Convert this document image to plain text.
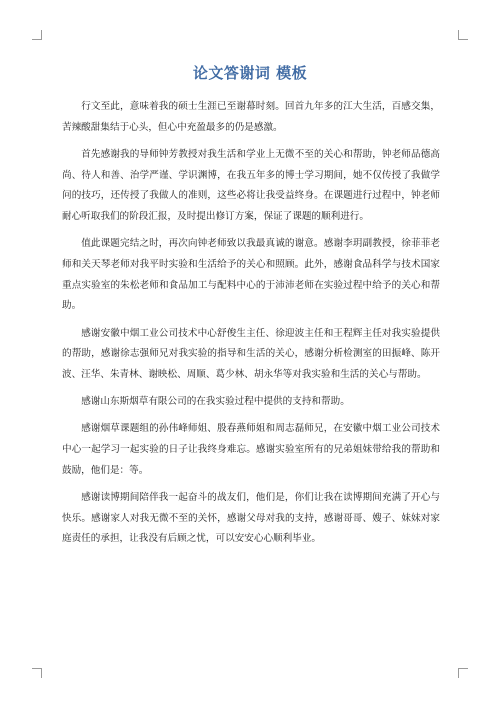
论文答谢词 模板

行文至此，意味着我的硕士生涯已至谢幕时刻。回首九年多的江大生活，百感交集，苦辣酸甜集结于心头，但心中充盈最多的仍是感激。

首先感谢我的导师钟芳教授对我生活和学业上无微不至的关心和帮助，钟老师品德高尚、待人和善、治学严谨、学识渊博，在我五年多的博士学习期间，她不仅传授了我做学问的技巧，还传授了我做人的准则，这些必将让我受益终身。在课题进行过程中，钟老师耐心听取我们的阶段汇报，及时提出修订方案，保证了课题的顺利进行。

值此课题完结之时，再次向钟老师致以我最真诚的谢意。感谢李玥副教授，徐菲菲老师和关天琴老师对我平时实验和生活给予的关心和照顾。此外，感谢食品科学与技术国家重点实验室的朱松老师和食品加工与配料中心的于沛沛老师在实验过程中给予的关心和帮助。

感谢安徽中烟工业公司技术中心舒俊生主任、徐迎波主任和王程辉主任对我实验提供的帮助，感谢徐志强师兄对我实验的指导和生活的关心，感谢分析检测室的田振峰、陈开波、汪华、朱青林、谢映松、周顺、葛少林、胡永华等对我实验和生活的关心与帮助。

感谢山东斯烟草有限公司的在我实验过程中提供的支持和帮助。

感谢烟草课题组的孙伟峰师姐、殷春燕师姐和周志磊师兄，在安徽中烟工业公司技术中心一起学习一起实验的日子让我终身难忘。感谢实验室所有的兄弟姐妹带给我的帮助和鼓励，他们是：等。

感谢读博期间陪伴我一起奋斗的战友们，他们是，你们让我在读博期间充满了开心与快乐。感谢家人对我无微不至的关怀，感谢父母对我的支持，感谢哥哥、嫂子、妹妹对家庭责任的承担，让我没有后顾之忧，可以安安心心顺利毕业。
